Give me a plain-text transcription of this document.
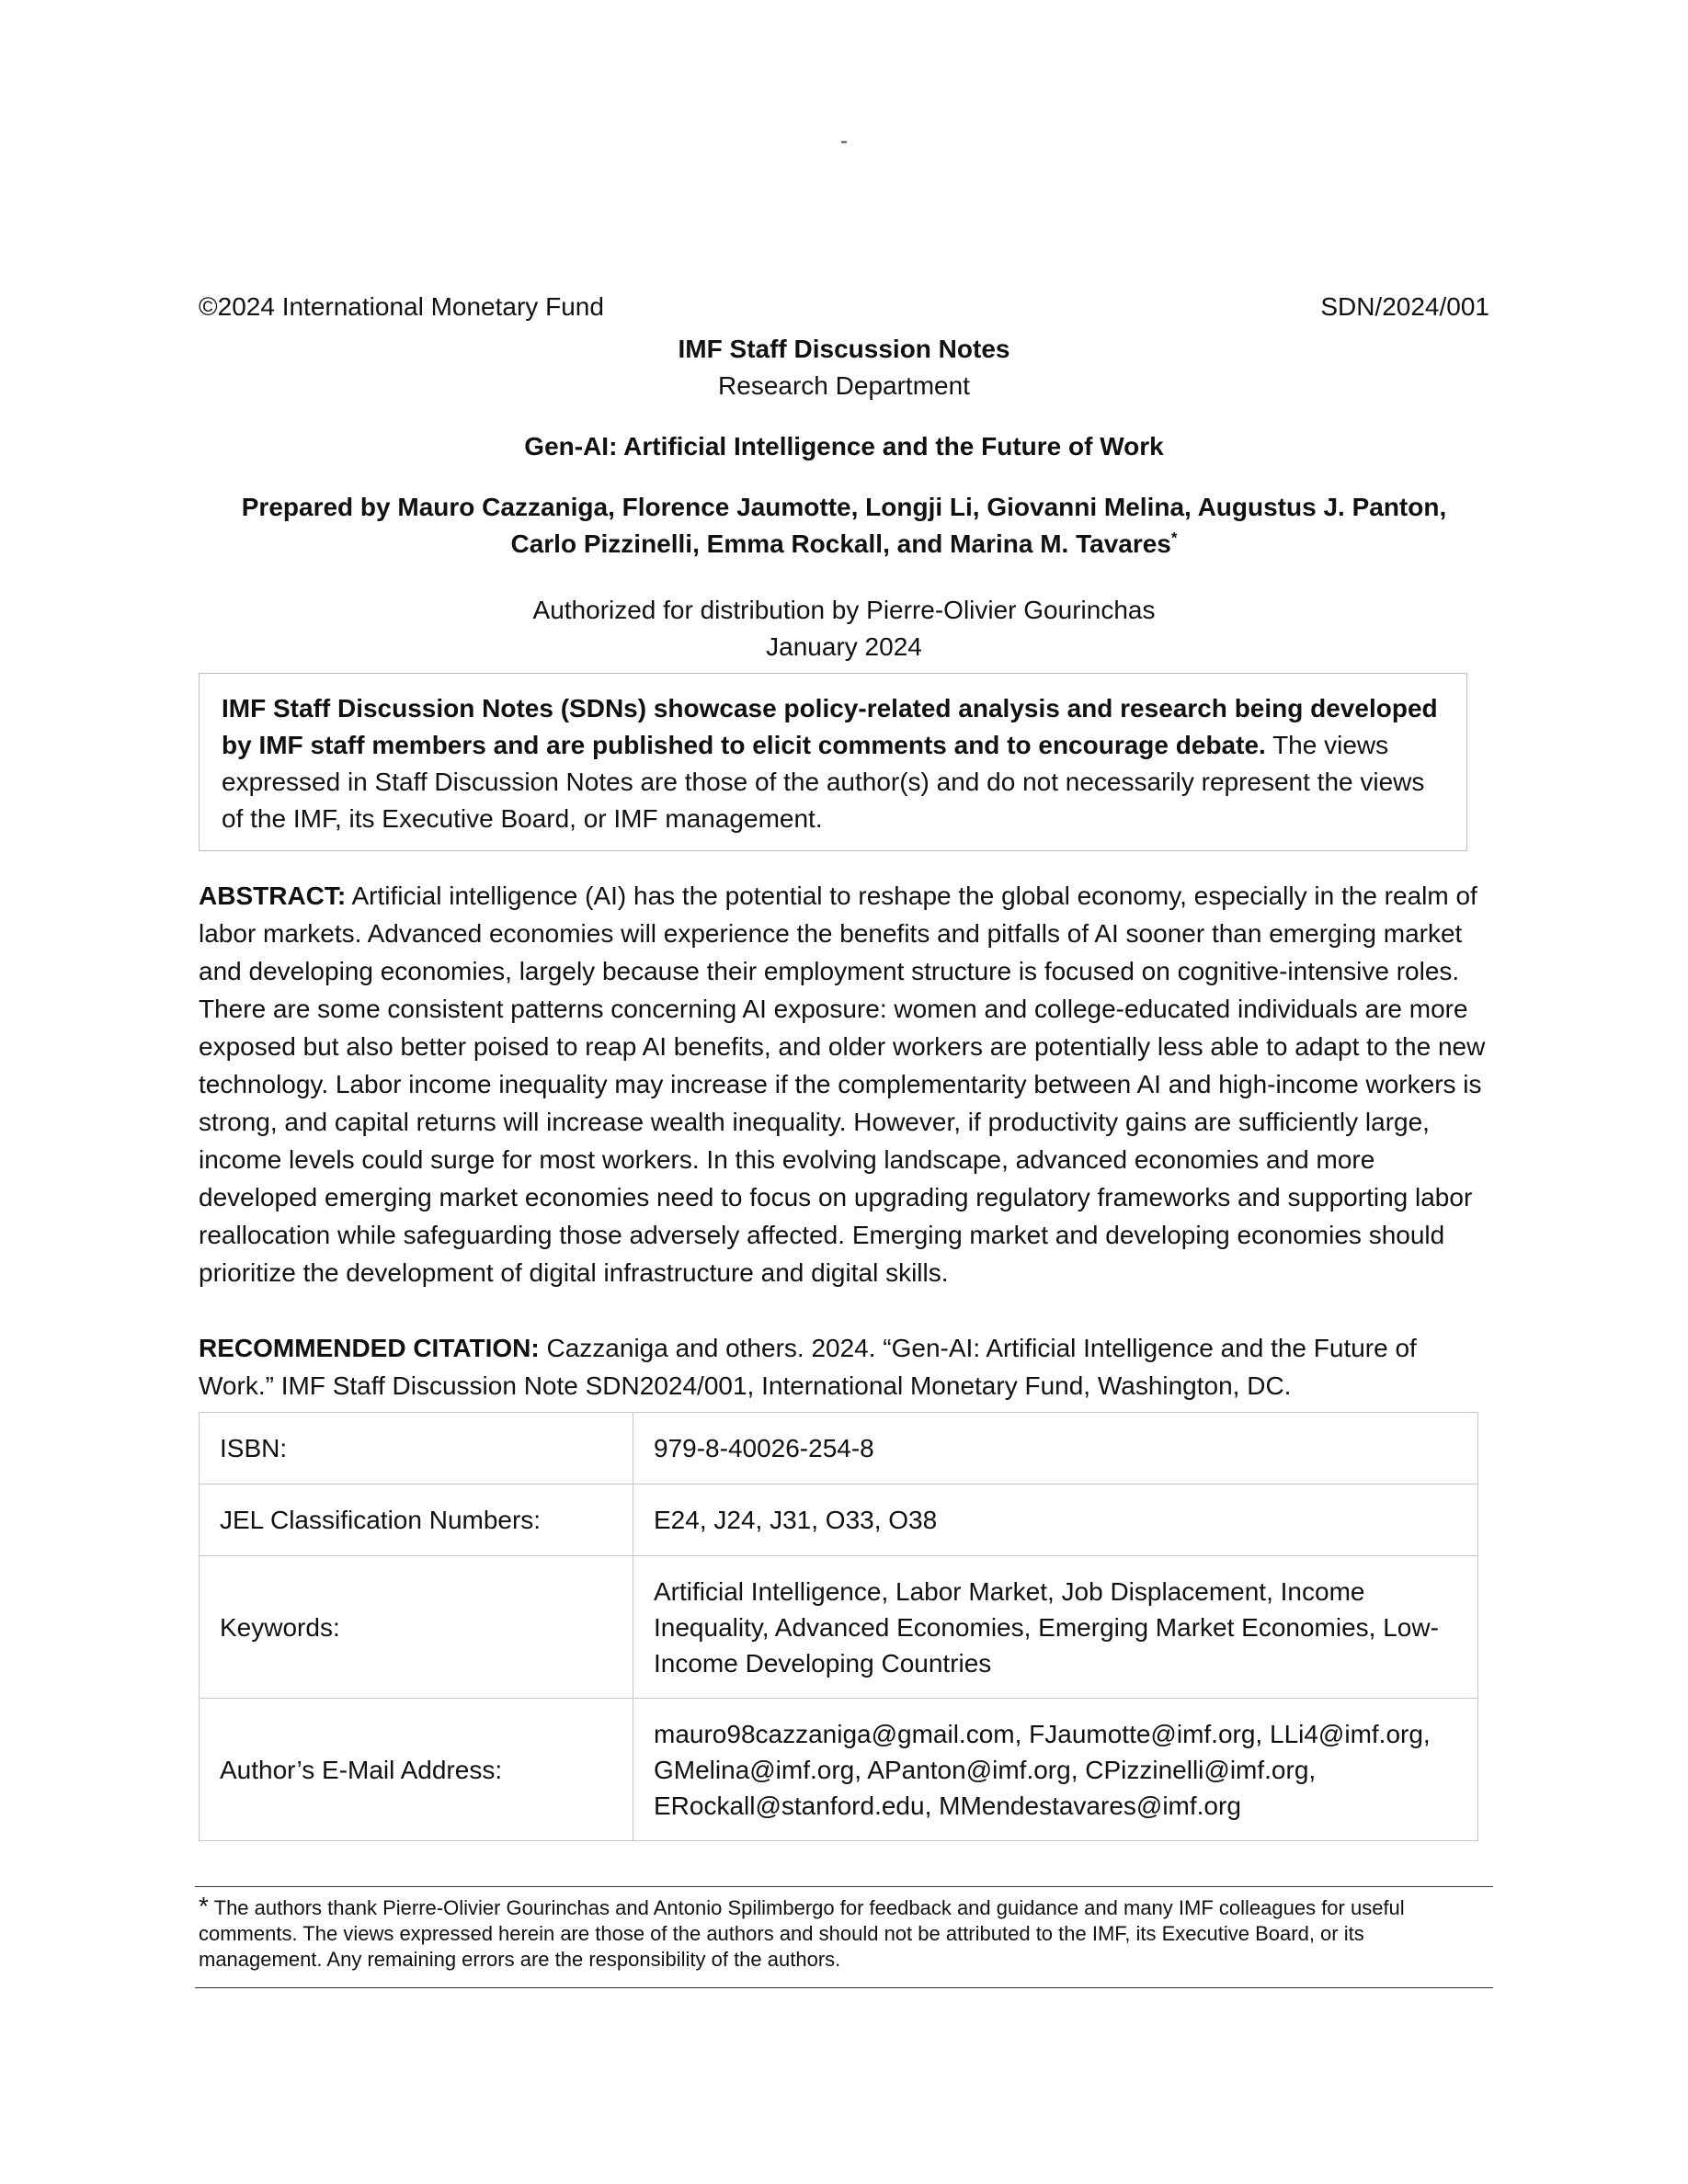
-
©2024 International Monetary Fund	SDN/2024/001
IMF Staff Discussion Notes
Research Department
Gen-AI: Artificial Intelligence and the Future of Work
Prepared by Mauro Cazzaniga, Florence Jaumotte, Longji Li, Giovanni Melina, Augustus J. Panton,
Carlo Pizzinelli, Emma Rockall, and Marina M. Tavares*
Authorized for distribution by Pierre-Olivier Gourinchas
January 2024
IMF Staff Discussion Notes (SDNs) showcase policy-related analysis and research being developed by IMF staff members and are published to elicit comments and to encourage debate. The views expressed in Staff Discussion Notes are those of the author(s) and do not necessarily represent the views of the IMF, its Executive Board, or IMF management.
ABSTRACT: Artificial intelligence (AI) has the potential to reshape the global economy, especially in the realm of labor markets. Advanced economies will experience the benefits and pitfalls of AI sooner than emerging market and developing economies, largely because their employment structure is focused on cognitive-intensive roles. There are some consistent patterns concerning AI exposure: women and college-educated individuals are more exposed but also better poised to reap AI benefits, and older workers are potentially less able to adapt to the new technology. Labor income inequality may increase if the complementarity between AI and high-income workers is strong, and capital returns will increase wealth inequality. However, if productivity gains are sufficiently large, income levels could surge for most workers. In this evolving landscape, advanced economies and more developed emerging market economies need to focus on upgrading regulatory frameworks and supporting labor reallocation while safeguarding those adversely affected. Emerging market and developing economies should prioritize the development of digital infrastructure and digital skills.
RECOMMENDED CITATION: Cazzaniga and others. 2024. “Gen-AI: Artificial Intelligence and the Future of Work.” IMF Staff Discussion Note SDN2024/001, International Monetary Fund, Washington, DC.
ISBN:	979-8-40026-254-8
JEL Classification Numbers:	E24, J24, J31, O33, O38
Keywords:	Artificial Intelligence, Labor Market, Job Displacement, Income Inequality, Advanced Economies, Emerging Market Economies, Low-Income Developing Countries
Author’s E-Mail Address:	mauro98cazzaniga@gmail.com, FJaumotte@imf.org, LLi4@imf.org, GMelina@imf.org, APanton@imf.org, CPizzinelli@imf.org, ERockall@stanford.edu, MMendestavares@imf.org
* The authors thank Pierre-Olivier Gourinchas and Antonio Spilimbergo for feedback and guidance and many IMF colleagues for useful comments. The views expressed herein are those of the authors and should not be attributed to the IMF, its Executive Board, or its management. Any remaining errors are the responsibility of the authors.
